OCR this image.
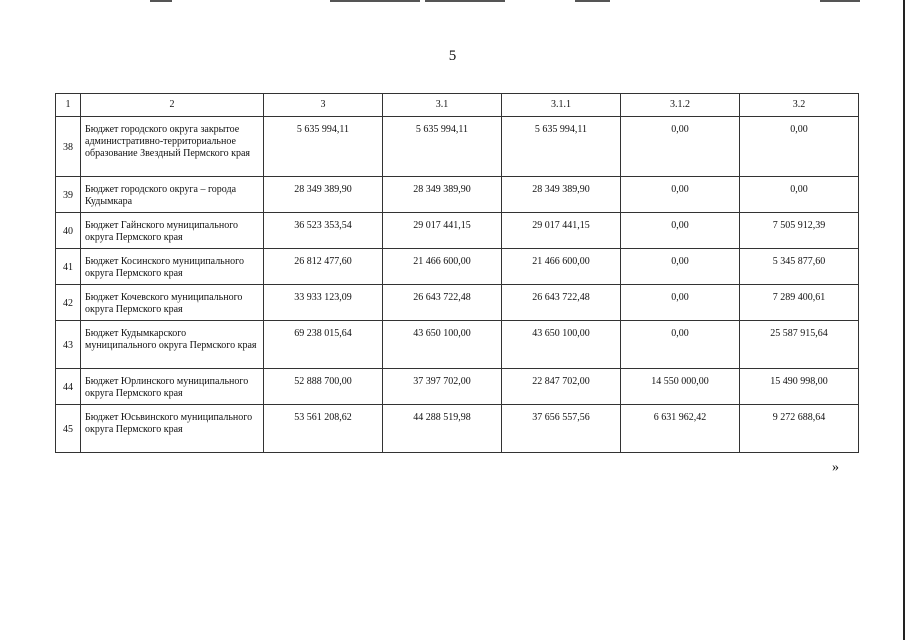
5
1	2	3	3.1	3.1.1	3.1.2	3.2
38	Бюджет городского округа закрытое административно-территориальное образование Звездный Пермского края	5 635 994,11	5 635 994,11	5 635 994,11	0,00	0,00
39	Бюджет городского округа – города Кудымкара	28 349 389,90	28 349 389,90	28 349 389,90	0,00	0,00
40	Бюджет Гайнского муниципального округа Пермского края	36 523 353,54	29 017 441,15	29 017 441,15	0,00	7 505 912,39
41	Бюджет Косинского муниципального округа Пермского края	26 812 477,60	21 466 600,00	21 466 600,00	0,00	5 345 877,60
42	Бюджет Кочевского муниципального округа Пермского края	33 933 123,09	26 643 722,48	26 643 722,48	0,00	7 289 400,61
43	Бюджет Кудымкарского муниципального округа Пермского края	69 238 015,64	43 650 100,00	43 650 100,00	0,00	25 587 915,64
44	Бюджет Юрлинского муниципального округа Пермского края	52 888 700,00	37 397 702,00	22 847 702,00	14 550 000,00	15 490 998,00
45	Бюджет Юсьвинского муниципального округа Пермского края	53 561 208,62	44 288 519,98	37 656 557,56	6 631 962,42	9 272 688,64
»
